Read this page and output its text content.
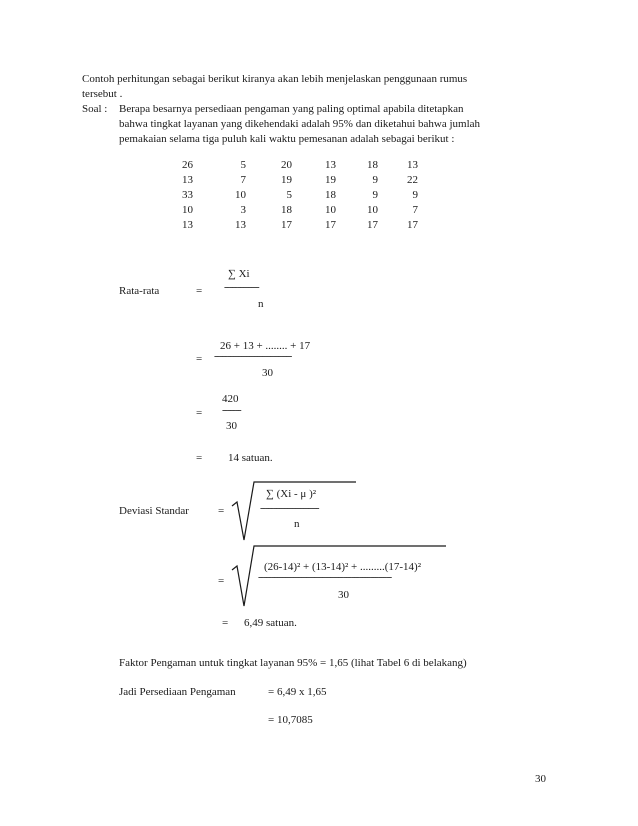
Contoh perhitungan sebagai berikut kiranya akan lebih menjelaskan penggunaan rumus
tersebut .
Soal : Berapa besarnya persediaan pengaman yang paling optimal apabila ditetapkan
bahwa tingkat layanan yang dikehendaki adalah 95% dan diketahui bahwa jumlah
pemakaian selama tiga puluh kali waktu pemesanan adalah sebagai berikut :
26	5	20	13	18	13
13	7	19	19	9	22
33	10	5	18	9	9
10	3	18	10	10	7
13	13	17	17	17	17
∑ Xi
Rata-rata	= -------------
n
26 + 13 + ........ + 17
= -----------------------------
30
420
= -------
30
= 14 satuan.
∑ (Xi - μ )²
Deviasi Standar	=	----------------------
n
(26-14)² + (13-14)² + .........(17-14)²
=	--------------------------------------------------
30
= 6,49 satuan.
Faktor Pengaman untuk tingkat layanan 95% = 1,65 (lihat Tabel 6 di belakang)
Jadi Persediaan Pengaman	= 6,49 x 1,65
= 10,7085
30
